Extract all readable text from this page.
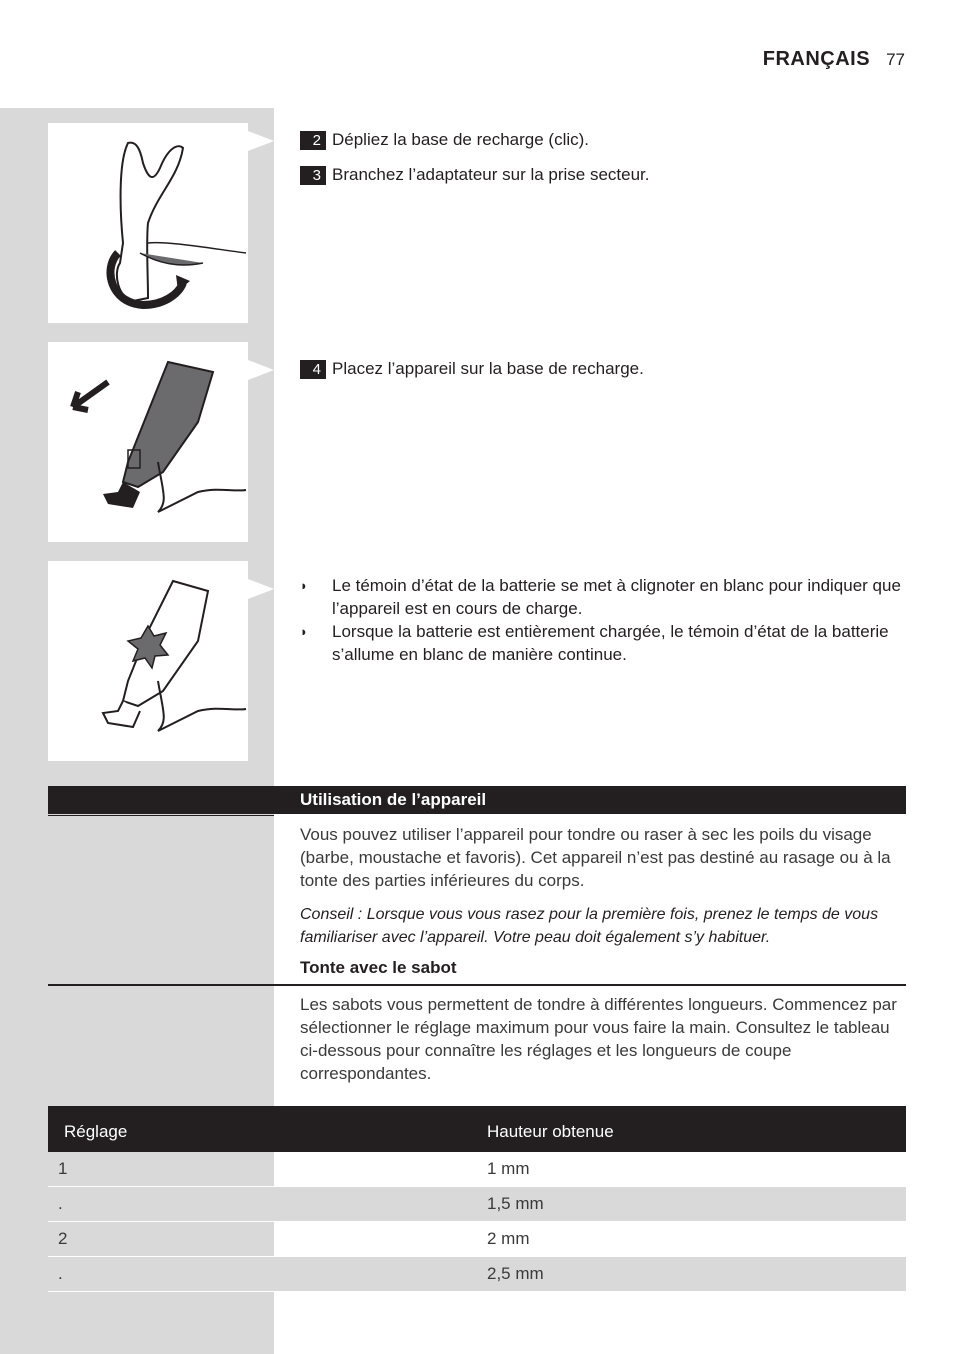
FRANÇAIS 77
2 Dépliez la base de recharge (clic).
3 Branchez l’adaptateur sur la prise secteur.
4 Placez l’appareil sur la base de recharge.
◗	Le témoin d’état de la batterie se met à clignoter en blanc pour indiquer que l’appareil est en cours de charge.
◗	Lorsque la batterie est entièrement chargée, le témoin d’état de la batterie s’allume en blanc de manière continue.
Utilisation de l’appareil

Vous pouvez utiliser l’appareil pour tondre ou raser à sec les poils du visage (barbe, moustache et favoris). Cet appareil n’est pas destiné au rasage ou à la tonte des parties inférieures du corps.

Conseil : Lorsque vous vous rasez pour la première fois, prenez le temps de vous familiariser avec l’appareil. Votre peau doit également s’y habituer.

Tonte avec le sabot

Les sabots vous permettent de tondre à différentes longueurs. Commencez par sélectionner le réglage maximum pour vous faire la main. Consultez le tableau ci-dessous pour connaître les réglages et les longueurs de coupe correspondantes.

Réglage	Hauteur obtenue
1	1 mm
.	1,5 mm
2	2 mm
.	2,5 mm
